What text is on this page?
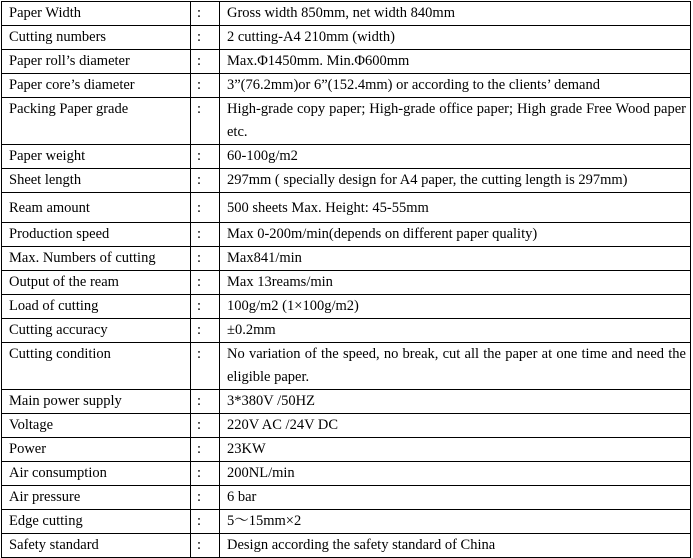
Paper Width	:	Gross width 850mm, net width 840mm
Cutting numbers	:	2 cutting-A4 210mm (width)
Paper roll’s diameter	:	Max.Φ1450mm. Min.Φ600mm
Paper core’s diameter	:	3”(76.2mm)or 6”(152.4mm) or according to the clients’ demand
Packing Paper grade	:	High-grade copy paper; High-grade office paper; High grade Free Wood paper etc.
Paper weight	:	60-100g/m2
Sheet length	:	297mm ( specially design for A4 paper, the cutting length is 297mm)
Ream amount	:	500 sheets Max. Height: 45-55mm
Production speed	:	Max 0-200m/min(depends on different paper quality)
Max. Numbers of cutting	:	Max841/min
Output of the ream	:	Max 13reams/min
Load of cutting	:	100g/m2 (1×100g/m2)
Cutting accuracy	:	±0.2mm
Cutting condition	:	No variation of the speed, no break, cut all the paper at one time and need the eligible paper.
Main power supply	:	3*380V /50HZ
Voltage	:	220V AC /24V DC
Power	:	23KW
Air consumption	:	200NL/min
Air pressure	:	6 bar
Edge cutting	:	5～15mm×2
Safety standard	:	Design according the safety standard of China
